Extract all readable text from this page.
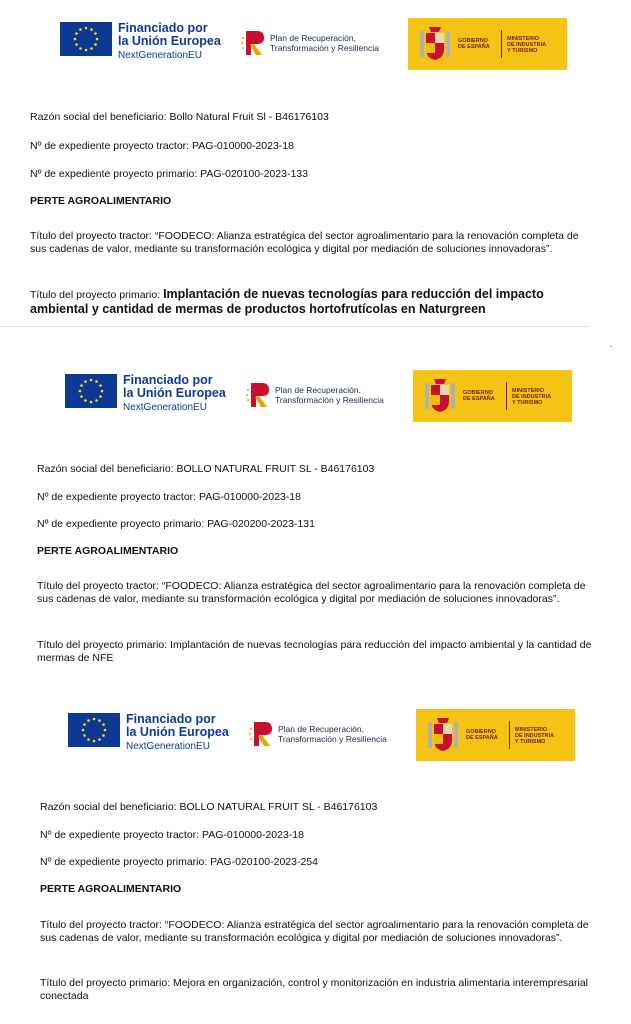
Financiado por
la Unión Europea
NextGenerationEU
Plan de Recuperación,
Transformación y Resiliencia
GOBIERNO
DE ESPAÑA
MINISTERIO
DE INDUSTRIA
Y TURISMO
Razón social del beneficiario: Bollo Natural Fruit Sl - B46176103
Nº de expediente proyecto tractor: PAG-010000-2023-18
Nº de expediente proyecto primario: PAG-020100-2023-133
PERTE AGROALIMENTARIO
Título del proyecto tractor: “FOODECO: Alianza estratégica del sector agroalimentario para la renovación completa de sus cadenas de valor, mediante su transformación ecológica y digital por mediación de soluciones innovadoras”.
Título del proyecto primario: Implantación de nuevas tecnologías para reducción del impacto ambiental y cantidad de mermas de productos hortofrutícolas en Naturgreen
Financiado por
la Unión Europea
NextGenerationEU
Plan de Recuperación,
Transformación y Resiliencia
GOBIERNO
DE ESPAÑA
MINISTERIO
DE INDUSTRIA
Y TURISMO
Razón social del beneficiario: BOLLO NATURAL FRUIT SL - B46176103
Nº de expediente proyecto tractor: PAG-010000-2023-18
Nº de expediente proyecto primario: PAG-020200-2023-131
PERTE AGROALIMENTARIO
Título del proyecto tractor: “FOODECO: Alianza estratégica del sector agroalimentario para la renovación completa de sus cadenas de valor, mediante su transformación ecológica y digital por mediación de soluciones innovadoras”.
Título del proyecto primario: Implantación de nuevas tecnologías para reducción del impacto ambiental y la cantidad de mermas de NFE
Financiado por
la Unión Europea
NextGenerationEU
Plan de Recuperación,
Transformación y Resiliencia
GOBIERNO
DE ESPAÑA
MINISTERIO
DE INDUSTRIA
Y TURISMO
Razón social del beneficiario: BOLLO NATURAL FRUIT SL - B46176103
Nº de expediente proyecto tractor: PAG-010000-2023-18
Nº de expediente proyecto primario: PAG-020100-2023-254
PERTE AGROALIMENTARIO
Título del proyecto tractor: “FOODECO: Alianza estratégica del sector agroalimentario para la renovación completa de sus cadenas de valor, mediante su transformación ecológica y digital por mediación de soluciones innovadoras”.
Título del proyecto primario: Mejora en organización, control y monitorización en industria alimentaria interempresarial conectada
